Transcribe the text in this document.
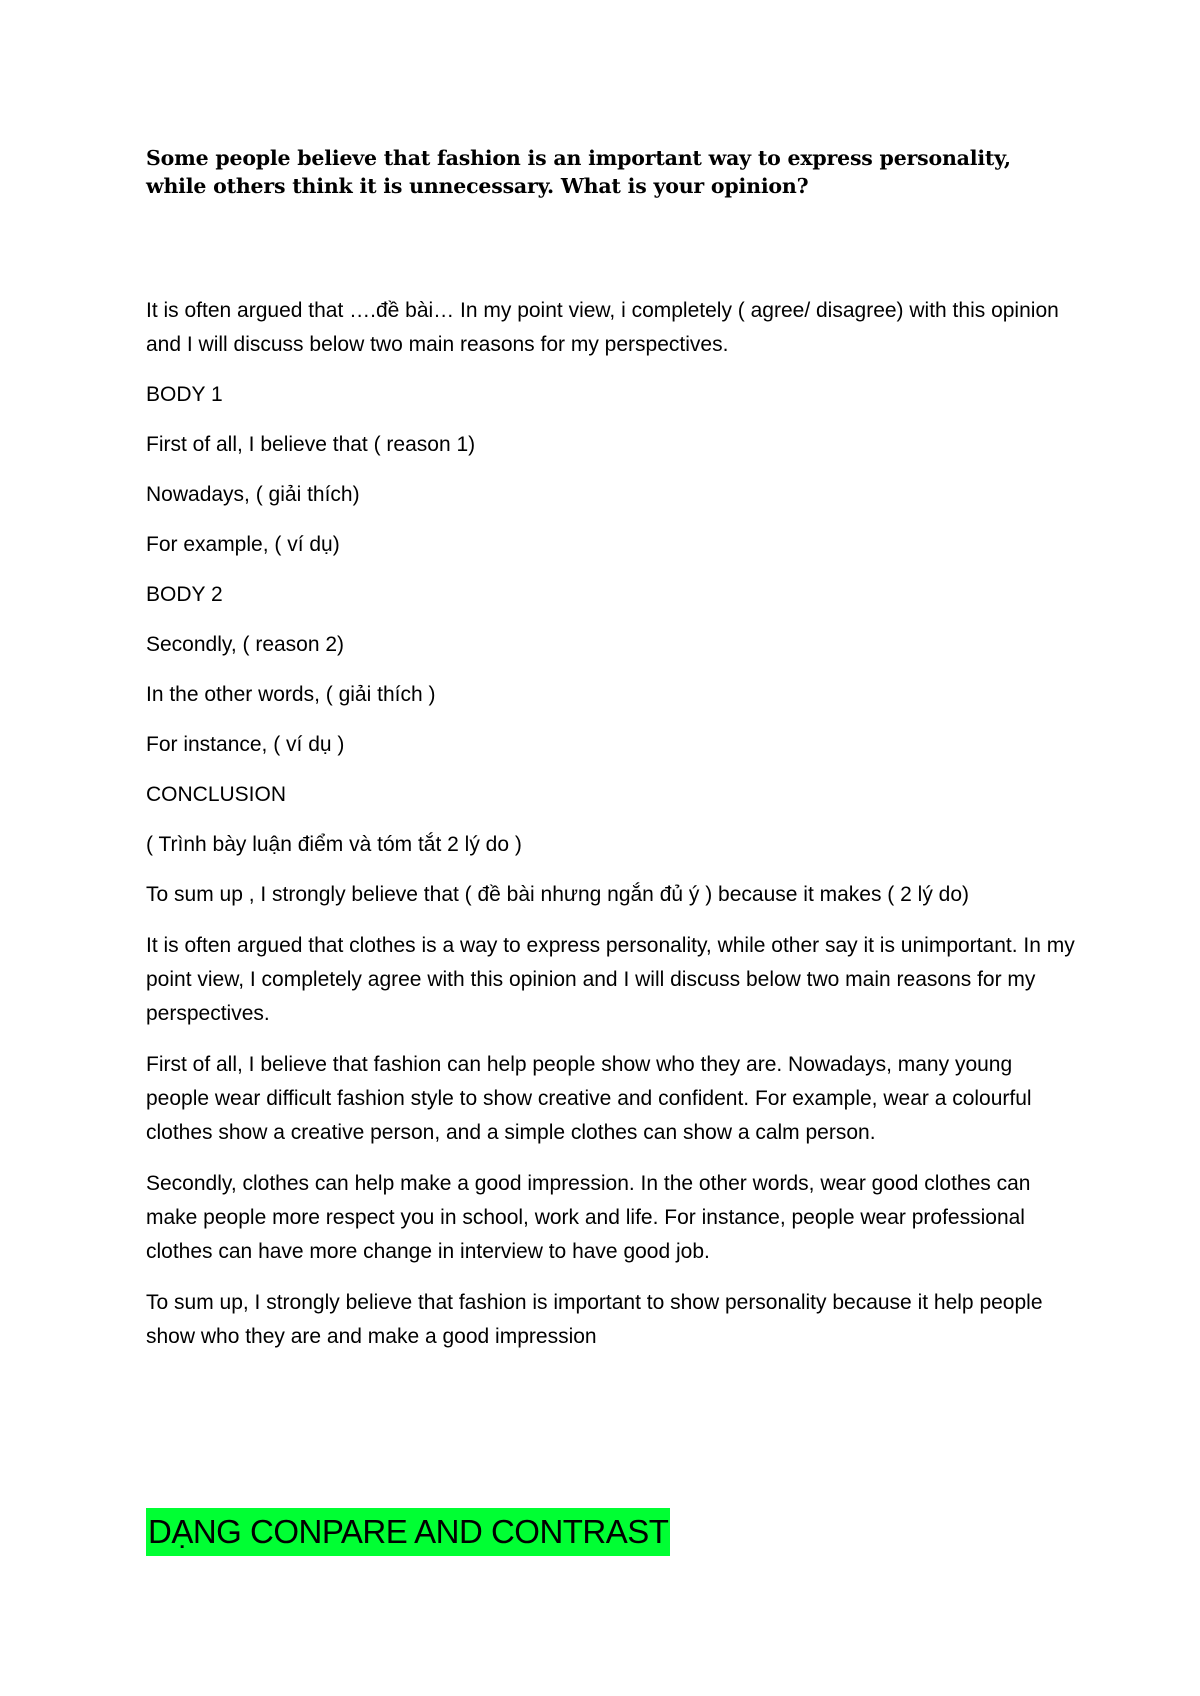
Some people believe that fashion is an important way to express personality, while others think it is unnecessary. What is your opinion?

It is often argued that ….đề bài… In my point view, i completely ( agree/ disagree) with this opinion and I will discuss below two main reasons for my perspectives.

BODY 1

First of all, I believe that ( reason 1)

Nowadays, ( giải thích)

For example, ( ví dụ)

BODY 2

Secondly, ( reason 2)

In the other words, ( giải thích )

For instance, ( ví dụ )

CONCLUSION

( Trình bày luận điểm và tóm tắt 2 lý do )

To sum up , I strongly believe that ( đề bài nhưng ngắn đủ ý ) because it makes ( 2 lý do)

It is often argued that clothes is a way to express personality, while other say it is unimportant. In my point view, I completely agree with this opinion and I will discuss below two main reasons for my perspectives.

First of all, I believe that fashion can help people show who they are. Nowadays, many young people wear difficult fashion style to show creative and confident. For example, wear a colourful clothes show a creative person, and a simple clothes can show a calm person.

Secondly, clothes can help make a good impression. In the other words, wear good clothes can make people more respect you in school, work and life. For instance, people wear professional clothes can have more change in interview to have good job.

To sum up, I strongly believe that fashion is important to show personality because it help people show who they are and make a good impression

DẠNG CONPARE AND CONTRAST
